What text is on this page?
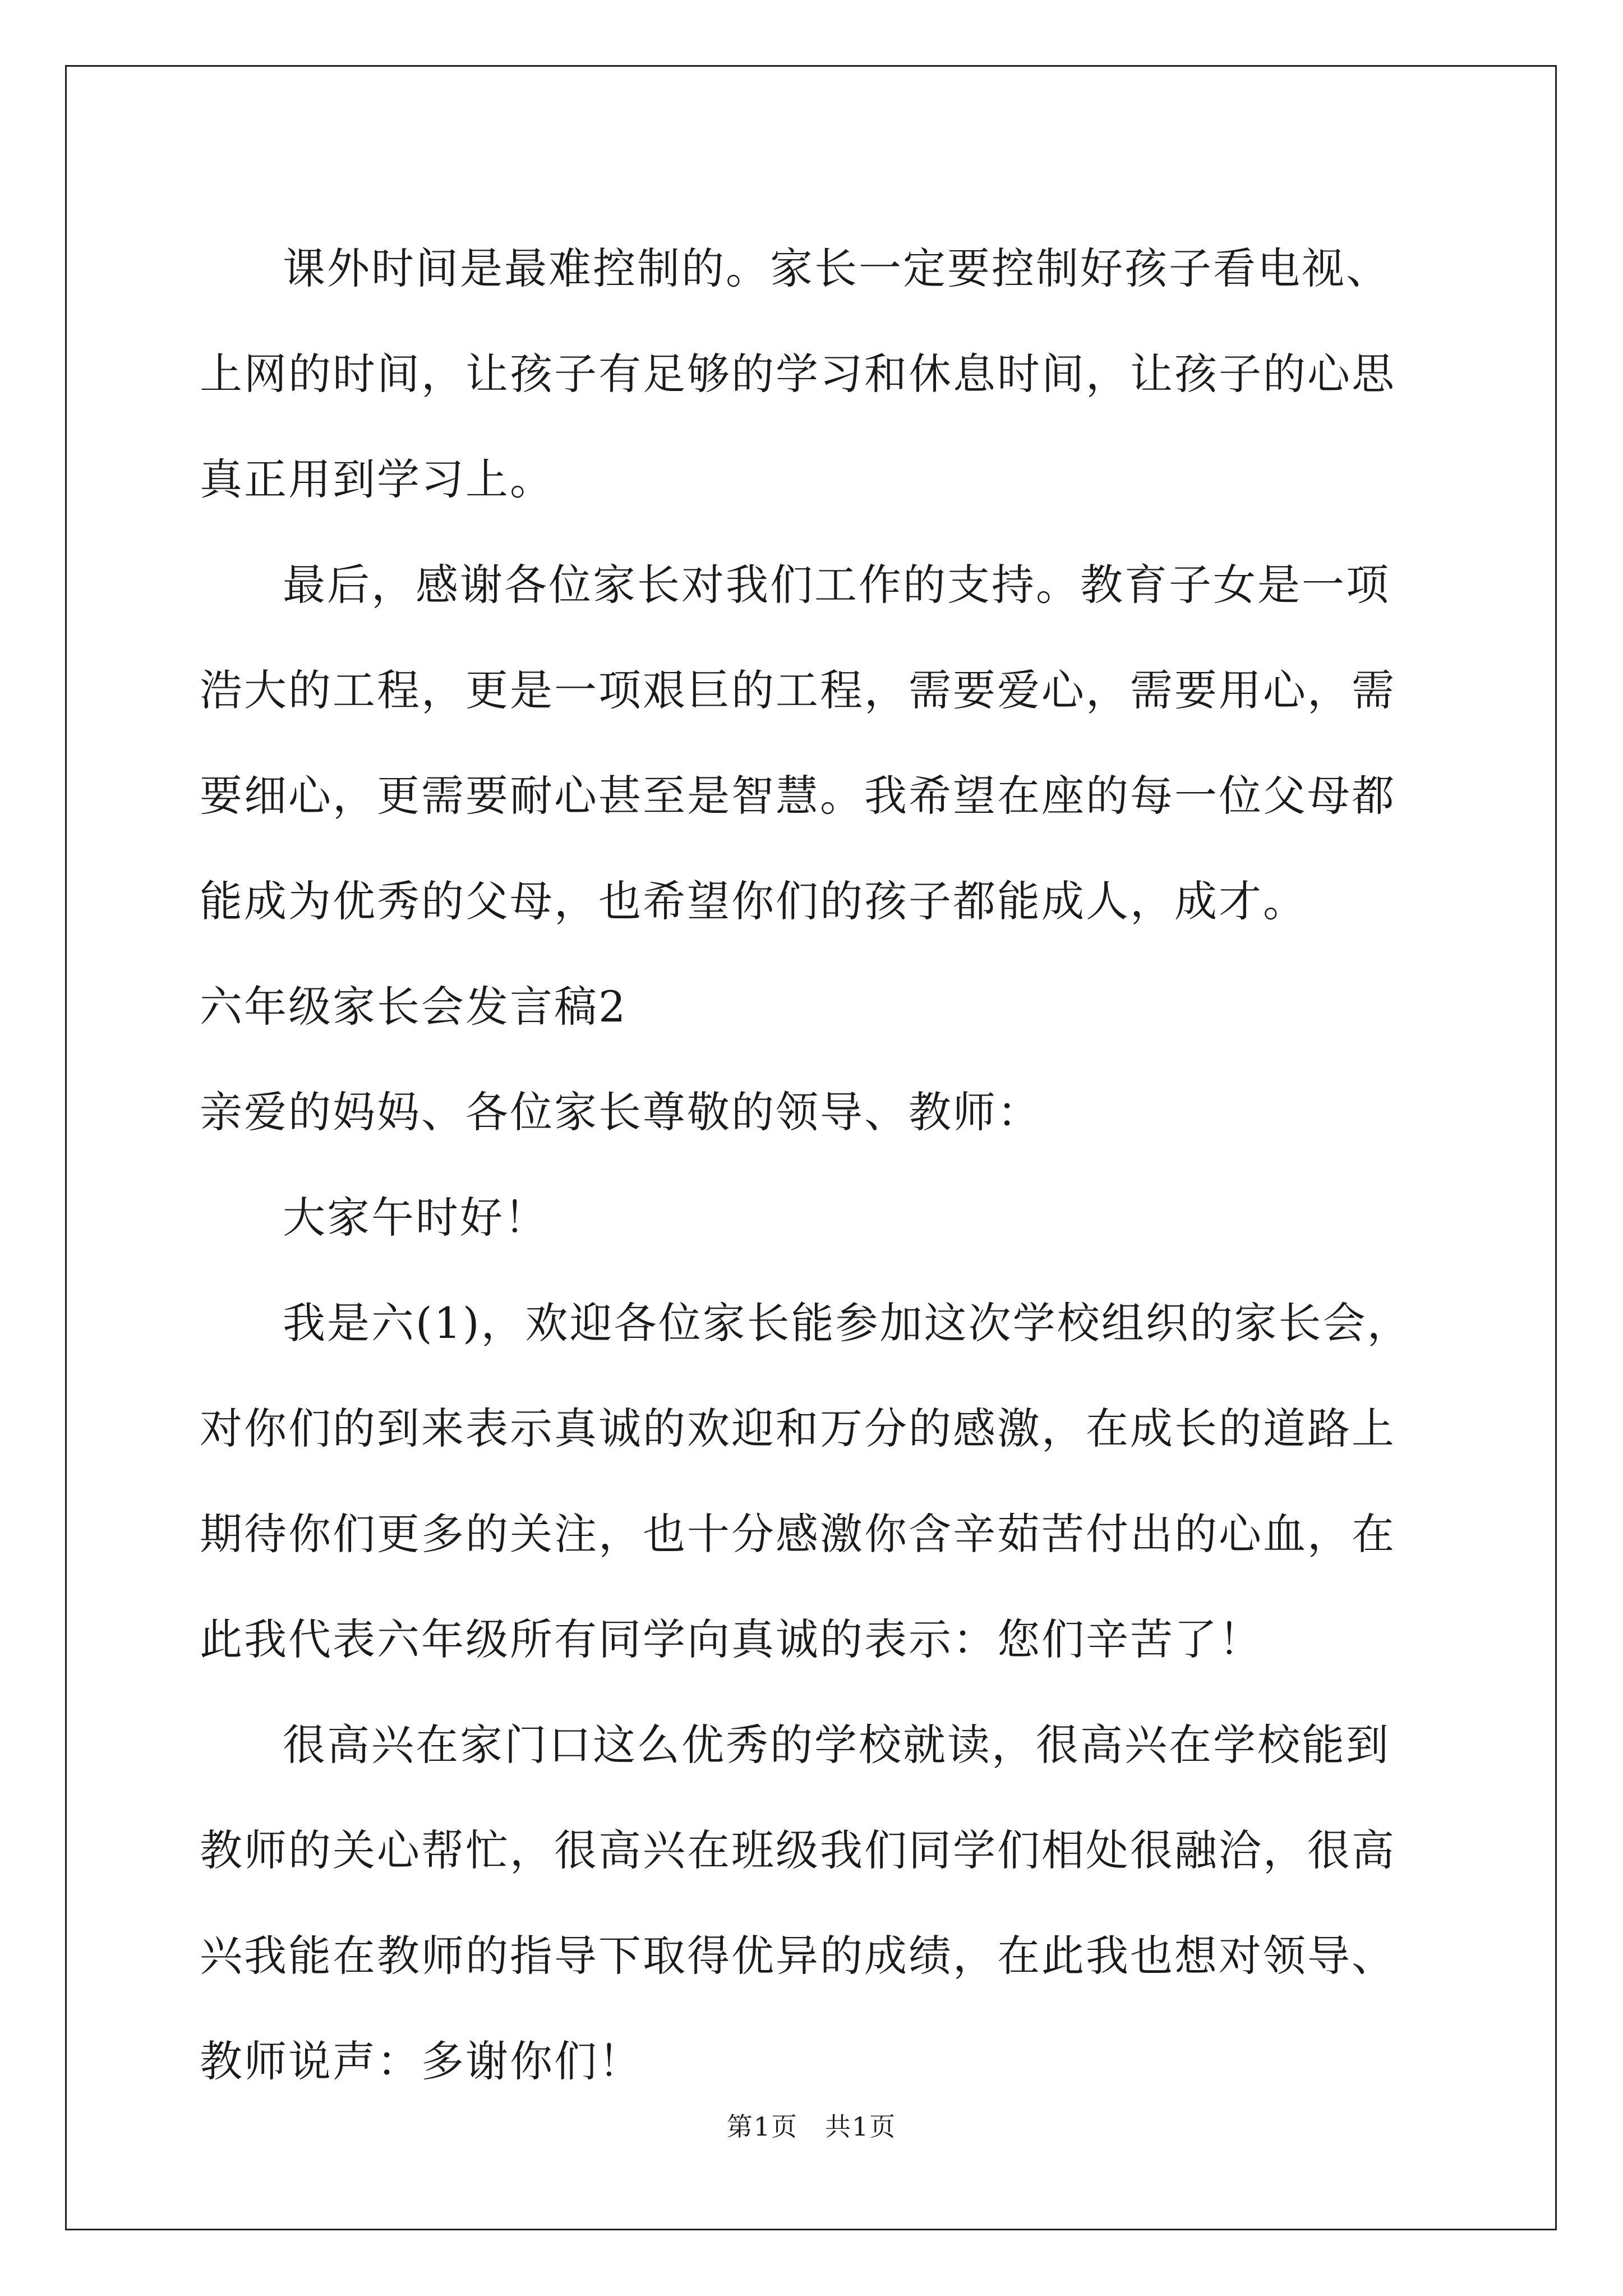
课外时间是最难控制的。家长一定要控制好孩子看电视、上网的时间，让孩子有足够的学习和休息时间，让孩子的心思真正用到学习上。

最后，感谢各位家长对我们工作的支持。教育子女是一项浩大的工程，更是一项艰巨的工程，需要爱心，需要用心，需要细心，更需要耐心甚至是智慧。我希望在座的每一位父母都能成为优秀的父母，也希望你们的孩子都能成人，成才。

六年级家长会发言稿2

亲爱的妈妈、各位家长尊敬的领导、教师：

大家午时好！

我是六(1)，欢迎各位家长能参加这次学校组织的家长会，对你们的到来表示真诚的欢迎和万分的感激，在成长的道路上期待你们更多的关注，也十分感激你含辛茹苦付出的心血，在此我代表六年级所有同学向真诚的表示：您们辛苦了！

很高兴在家门口这么优秀的学校就读，很高兴在学校能到教师的关心帮忙，很高兴在班级我们同学们相处很融洽，很高兴我能在教师的指导下取得优异的成绩，在此我也想对领导、教师说声：多谢你们！

第1页　共1页
